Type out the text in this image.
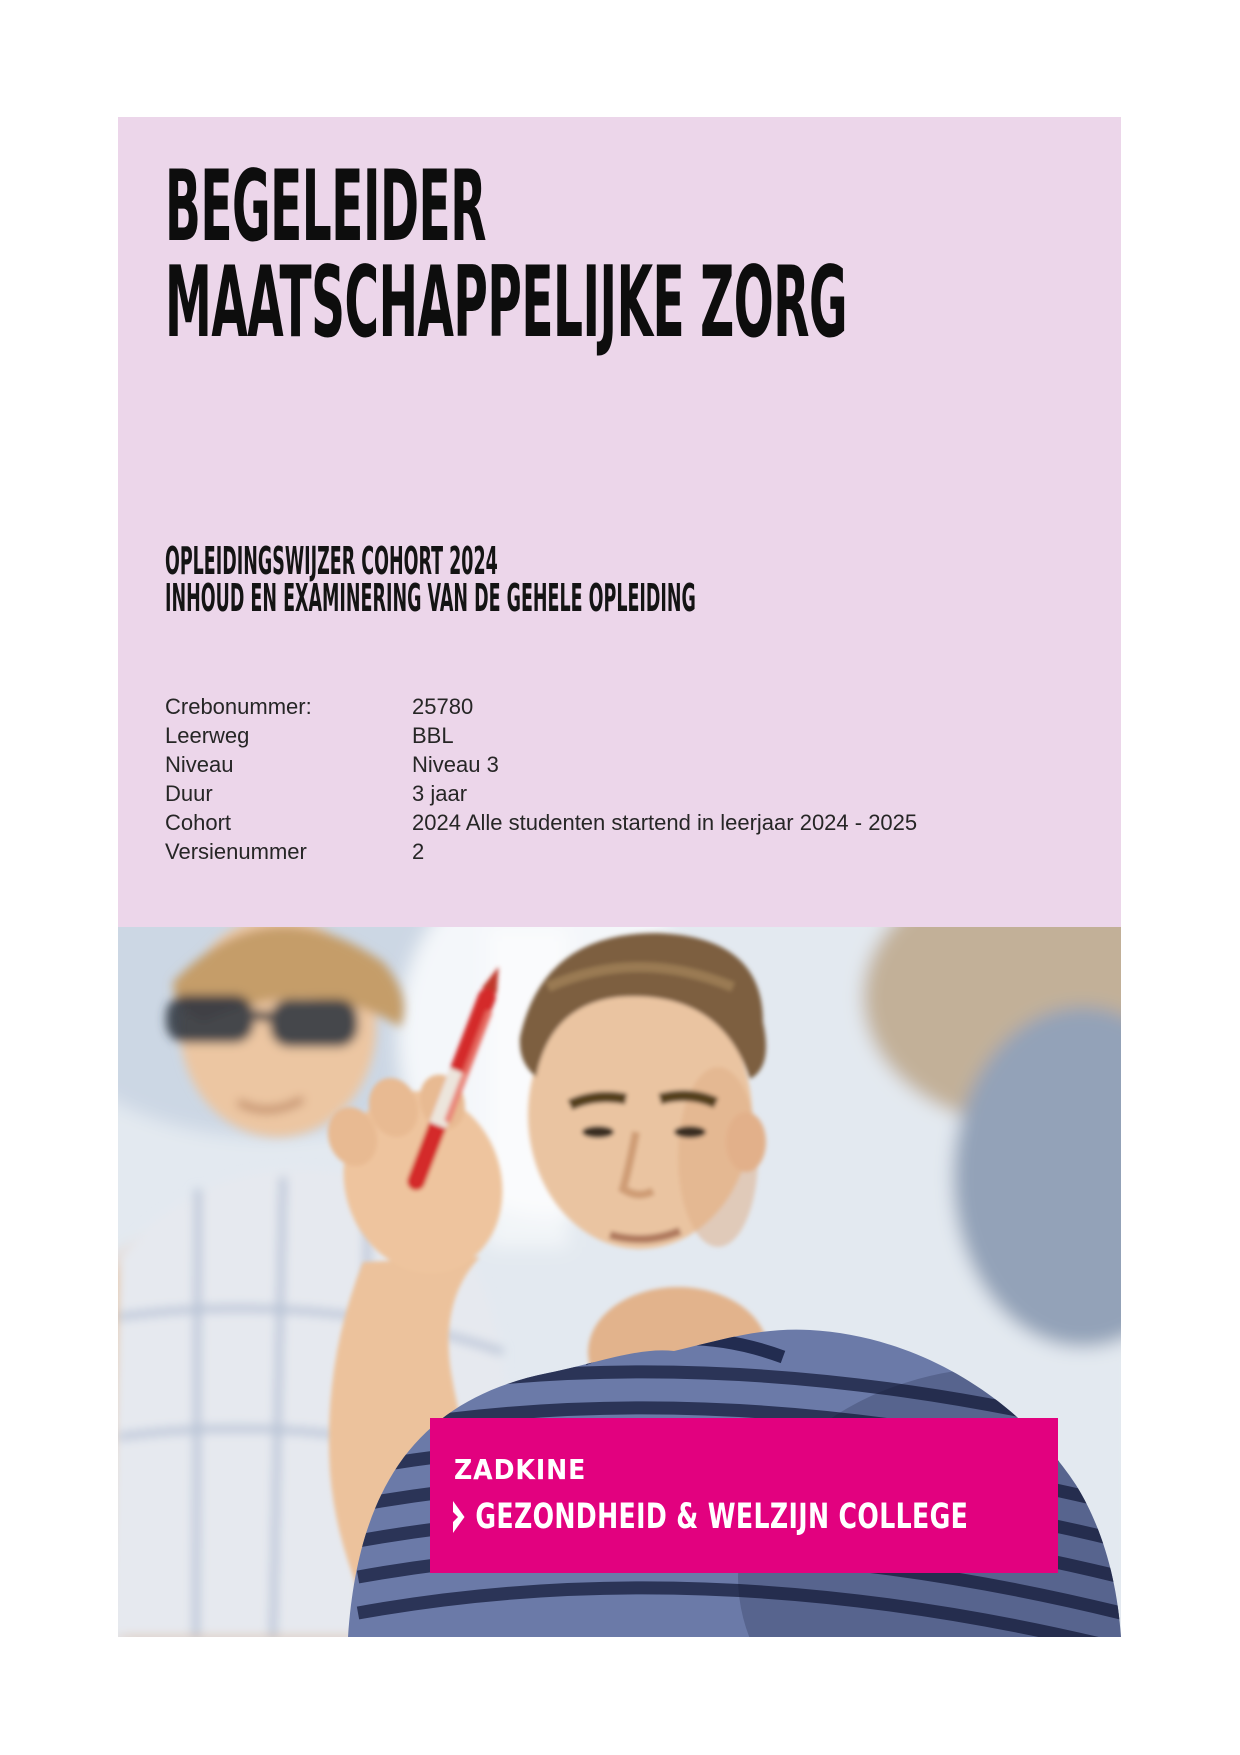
BEGELEIDER
MAATSCHAPPELIJKE ZORG
OPLEIDINGSWIJZER COHORT 2024
INHOUD EN EXAMINERING VAN DE GEHELE OPLEIDING
Crebonummer:	25780
Leerweg	BBL
Niveau	Niveau 3
Duur	3 jaar
Cohort	2024 Alle studenten startend in leerjaar 2024 - 2025
Versienummer	2
ZADKINE
GEZONDHEID & WELZIJN COLLEGE
